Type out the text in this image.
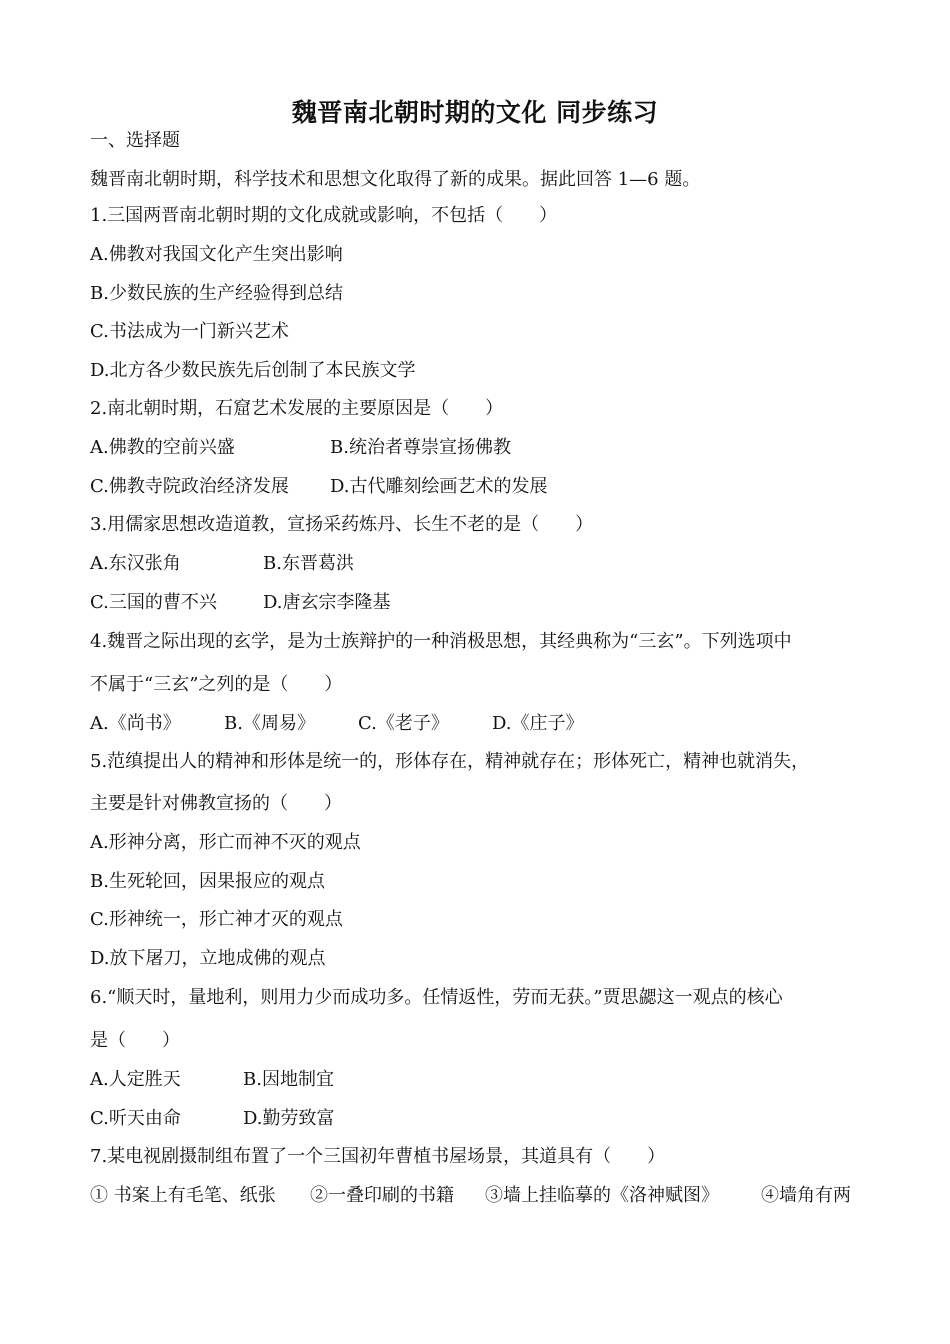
魏晋南北朝时期的文化 同步练习
一、选择题
魏晋南北朝时期，科学技术和思想文化取得了新的成果。据此回答 1—6 题。
1.三国两晋南北朝时期的文化成就或影响，不包括（　　）
A.佛教对我国文化产生突出影响
B.少数民族的生产经验得到总结
C.书法成为一门新兴艺术
D.北方各少数民族先后创制了本民族文学
2.南北朝时期，石窟艺术发展的主要原因是（　　）
A.佛教的空前兴盛	B.统治者尊崇宣扬佛教
C.佛教寺院政治经济发展 D.古代雕刻绘画艺术的发展
3.用儒家思想改造道教，宣扬采药炼丹、长生不老的是（　　）
A.东汉张角	B.东晋葛洪
C.三国的曹不兴	D.唐玄宗李隆基
4.魏晋之际出现的玄学，是为士族辩护的一种消极思想，其经典称为“三玄”。下列选项中
不属于“三玄”之列的是（　　）
A.《尚书》 B.《周易》 C.《老子》 D.《庄子》
5.范缜提出人的精神和形体是统一的，形体存在，精神就存在；形体死亡，精神也就消失，
主要是针对佛教宣扬的（　　）
A.形神分离，形亡而神不灭的观点
B.生死轮回，因果报应的观点
C.形神统一，形亡神才灭的观点
D.放下屠刀，立地成佛的观点
6.“顺天时，量地利，则用力少而成功多。任情返性，劳而无获。”贾思勰这一观点的核心
是（　　）
A.人定胜天	B.因地制宜
C.听天由命	D.勤劳致富
7.某电视剧摄制组布置了一个三国初年曹植书屋场景，其道具有（　　）
① 书案上有毛笔、纸张 ②一叠印刷的书籍 ③墙上挂临摹的《洛神赋图》 ④墙角有两
